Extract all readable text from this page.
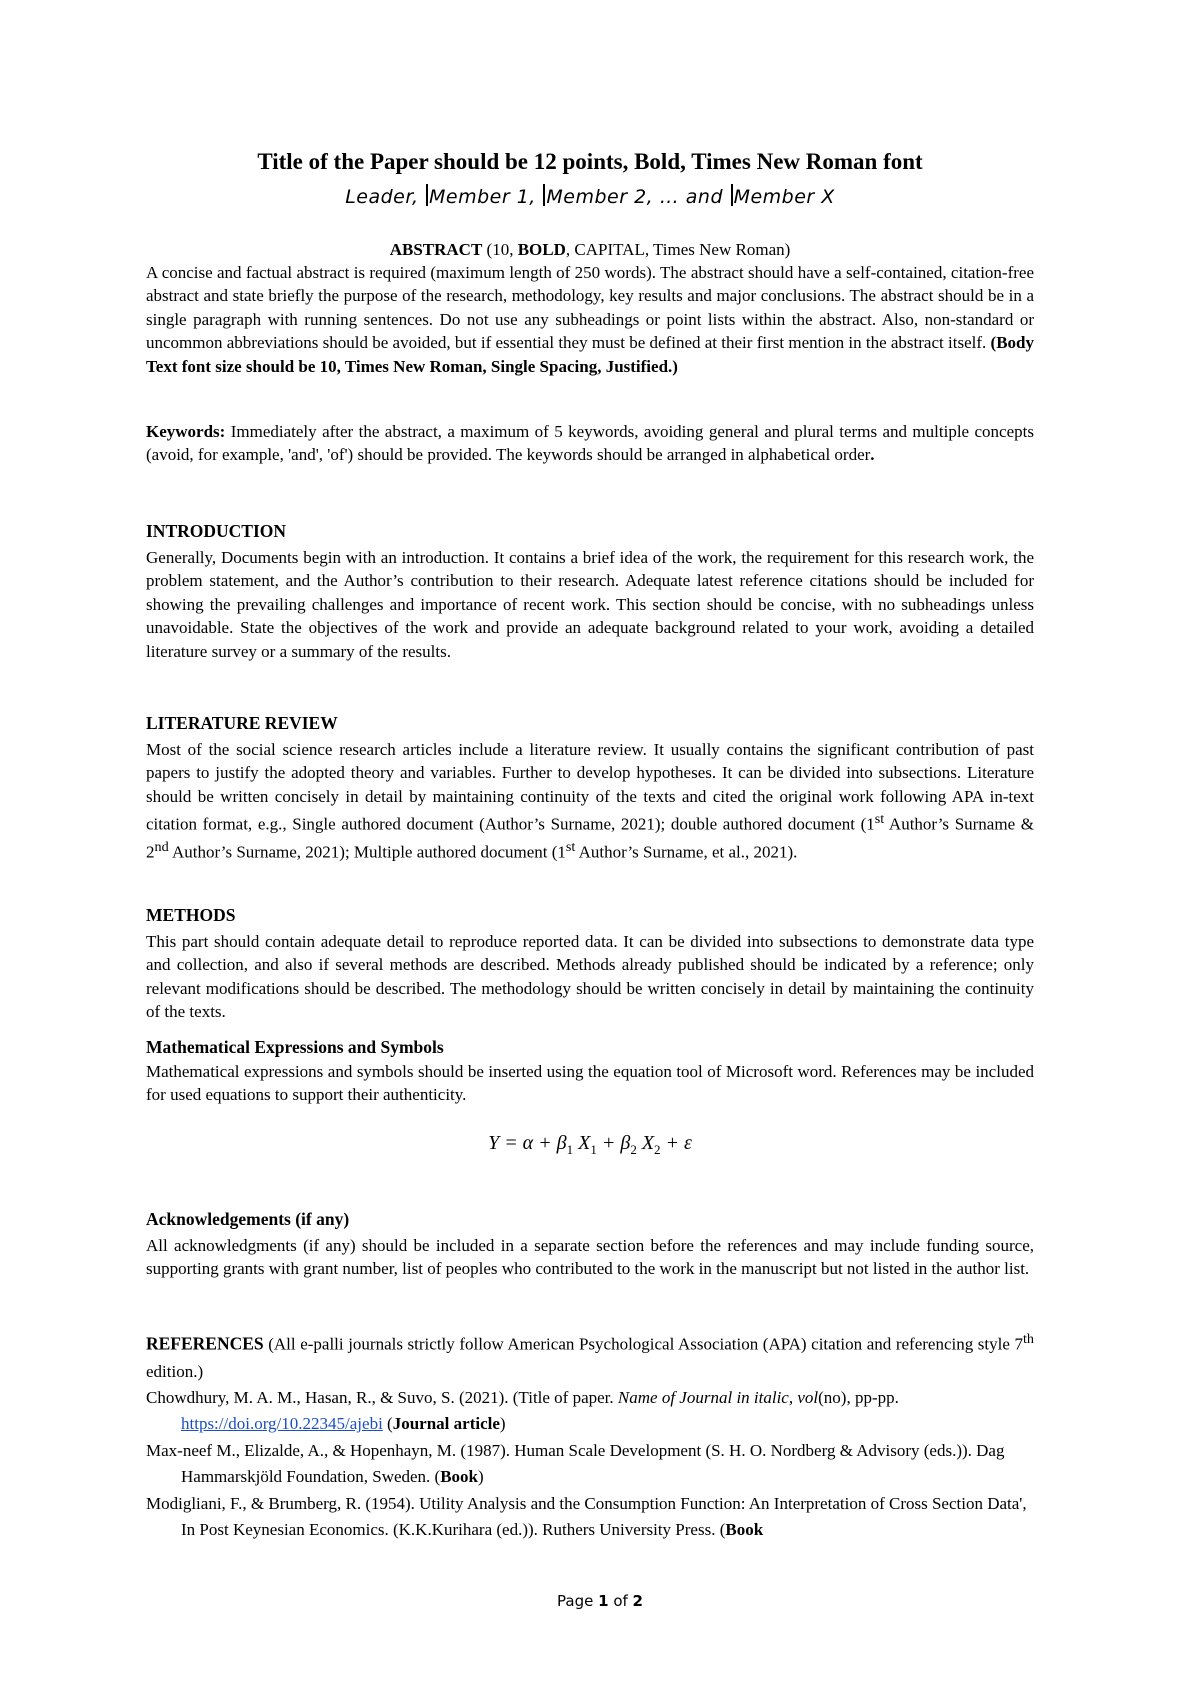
Title of the Paper should be 12 points, Bold, Times New Roman font
Leader, Member 1, Member 2, … and Member X
ABSTRACT (10, BOLD, CAPITAL, Times New Roman)
A concise and factual abstract is required (maximum length of 250 words). The abstract should have a self-contained, citation-free abstract and state briefly the purpose of the research, methodology, key results and major conclusions. The abstract should be in a single paragraph with running sentences. Do not use any subheadings or point lists within the abstract. Also, non-standard or uncommon abbreviations should be avoided, but if essential they must be defined at their first mention in the abstract itself. (Body Text font size should be 10, Times New Roman, Single Spacing, Justified.)
Keywords: Immediately after the abstract, a maximum of 5 keywords, avoiding general and plural terms and multiple concepts (avoid, for example, 'and', 'of') should be provided. The keywords should be arranged in alphabetical order.
INTRODUCTION
Generally, Documents begin with an introduction. It contains a brief idea of the work, the requirement for this research work, the problem statement, and the Author’s contribution to their research. Adequate latest reference citations should be included for showing the prevailing challenges and importance of recent work. This section should be concise, with no subheadings unless unavoidable. State the objectives of the work and provide an adequate background related to your work, avoiding a detailed literature survey or a summary of the results.
LITERATURE REVIEW
Most of the social science research articles include a literature review. It usually contains the significant contribution of past papers to justify the adopted theory and variables. Further to develop hypotheses. It can be divided into subsections. Literature should be written concisely in detail by maintaining continuity of the texts and cited the original work following APA in-text citation format, e.g., Single authored document (Author’s Surname, 2021); double authored document (1st Author’s Surname & 2nd Author’s Surname, 2021); Multiple authored document (1st Author’s Surname, et al., 2021).
METHODS
This part should contain adequate detail to reproduce reported data. It can be divided into subsections to demonstrate data type and collection, and also if several methods are described. Methods already published should be indicated by a reference; only relevant modifications should be described. The methodology should be written concisely in detail by maintaining the continuity of the texts.
Mathematical Expressions and Symbols
Mathematical expressions and symbols should be inserted using the equation tool of Microsoft word. References may be included for used equations to support their authenticity.
$Y = \alpha + \beta_1$ $X_1 + \beta_2$ $X_2 + \varepsilon$
Acknowledgements (if any)
All acknowledgments (if any) should be included in a separate section before the references and may include funding source, supporting grants with grant number, list of peoples who contributed to the work in the manuscript but not listed in the author list.
REFERENCES (All e-palli journals strictly follow American Psychological Association (APA) citation and referencing style 7th edition.)
Chowdhury, M. A. M., Hasan, R., & Suvo, S. (2021). (Title of paper. Name of Journal in italic, vol(no), pp-pp. https://doi.org/10.22345/ajebi (Journal article)
Max-neef M., Elizalde, A., & Hopenhayn, M. (1987). Human Scale Development (S. H. O. Nordberg & Advisory (eds.)). Dag Hammarskjöld Foundation, Sweden. (Book)
Modigliani, F., & Brumberg, R. (1954). Utility Analysis and the Consumption Function: An Interpretation of Cross Section Data', In Post Keynesian Economics. (K.K.Kurihara (ed.)). Ruthers University Press. (Book
Page 1 of 2
